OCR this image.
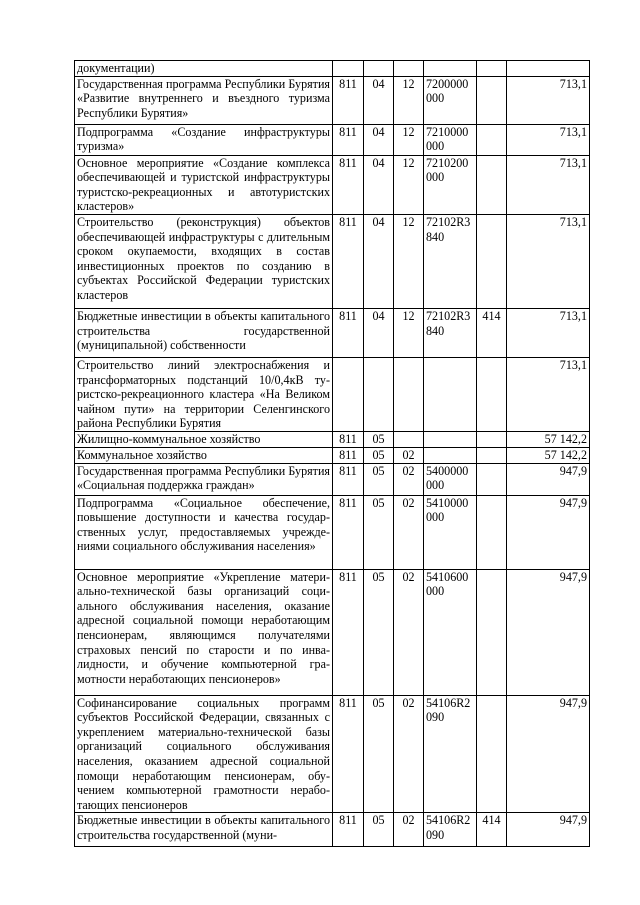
документации)						
Государственная программа Республики Бурятия «Развитие внутреннего и въездного туризма Республики Бурятия»	811	04	12	7200000​000		713,1
Подпрограмма «Создание инфраструктуры туризма»	811	04	12	7210000​000		713,1
Основное мероприятие «Создание комплекса обеспечивающей и туристской инфраструктуры туристско-рекреационных и автотуристских кластеров»	811	04	12	7210200​000		713,1
Строительство (реконструкция) объектов обеспечивающей инфраструктуры с длительным сроком окупаемости, входящих в состав инвестиционных проектов по созданию в субъектах Российской Федерации туристских кластеров	811	04	12	72102R3​840		713,1
Бюджетные инвестиции в объекты капитального строительства государственной (муниципальной) собственности	811	04	12	72102R3​840	414	713,1
Строительство линий электроснабжения и трансформаторных подстанций 10/0,4кВ туристско-рекреационного кластера «На Великом чайном пути» на территории Селенгинского района Республики Бурятия						713,1
Жилищно-коммунальное хозяйство	811	05				57 142,2
Коммунальное хозяйство	811	05	02			57 142,2
Государственная программа Республики Бурятия «Социальная поддержка граждан»	811	05	02	5400000​000		947,9
Подпрограмма «Социальное обеспечение, повышение доступности и качества государственных услуг, предоставляемых учреждениями социального обслуживания населения»	811	05	02	5410000​000		947,9
Основное мероприятие «Укрепление материально-технической базы организаций социального обслуживания населения, оказание адресной социальной помощи неработающим пенсионерам, являющимся получателями страховых пенсий по старости и по инвалидности, и обучение компьютерной грамотности неработающих пенсионеров»	811	05	02	5410600​000		947,9
Софинансирование социальных программ субъектов Российской Федерации, связанных с укреплением материально-технической базы организаций социального обслуживания населения, оказанием адресной социальной помощи неработающим пенсионерам, обучением компьютерной грамотности неработающих пенсионеров	811	05	02	54106R2​090		947,9
Бюджетные инвестиции в объекты капитального строительства государственной (муни-	811	05	02	54106R2​090	414	947,9
